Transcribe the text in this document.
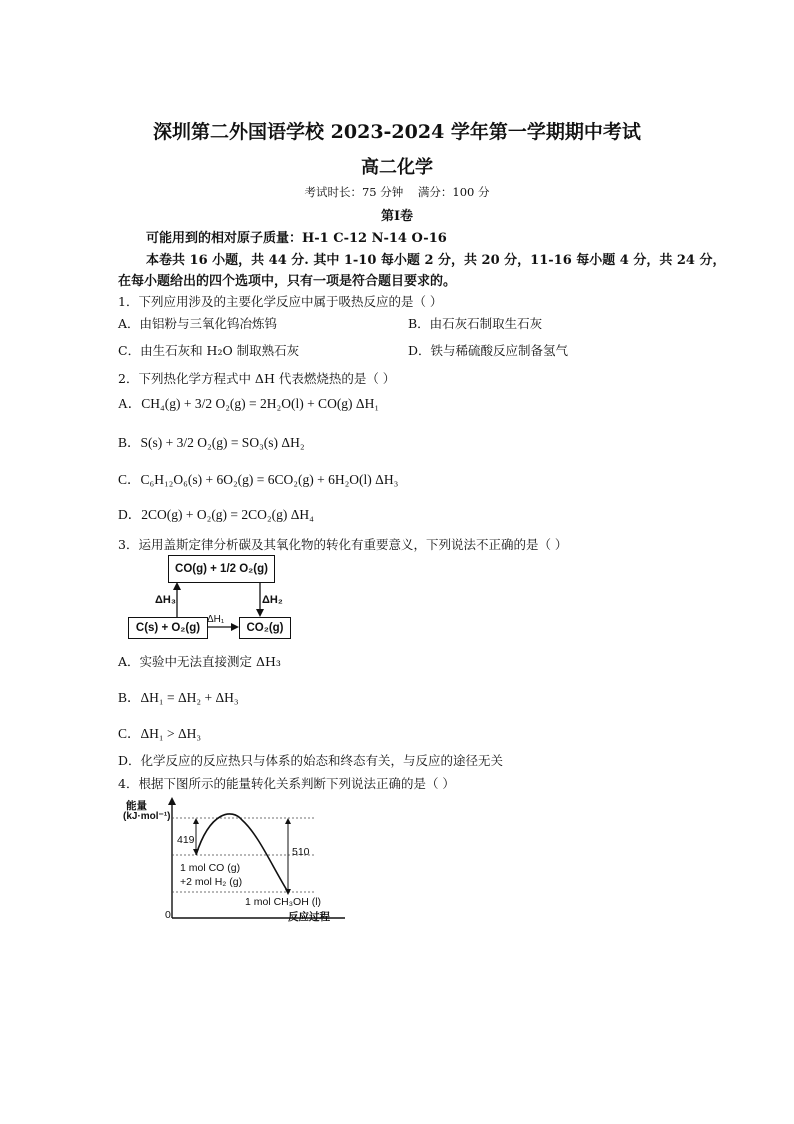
深圳第二外国语学校 2023-2024 学年第一学期期中考试
高二化学
考试时长：75 分钟    满分：100 分
第Ⅰ卷
可能用到的相对原子质量：H-1 C-12 N-14 O-16
本卷共 16 小题，共 44 分. 其中 1-10 每小题 2 分，共 20 分，11-16 每小题 4 分，共 24 分，
在每小题给出的四个选项中，只有一项是符合题目要求的。
1．下列应用涉及的主要化学反应中属于吸热反应的是（ ）
A．由铝粉与三氧化钨冶炼钨	B．由石灰石制取生石灰
C．由生石灰和 H₂O 制取熟石灰	D．铁与稀硫酸反应制备氢气
2．下列热化学方程式中 ΔH 代表燃烧热的是（ ）
A．CH₄(g) + 3/2 O₂(g) = 2H₂O(l) + CO(g) ΔH₁
B．S(s) + 3/2 O₂(g) = SO₃(s) ΔH₂
C．C₆H₁₂O₆(s) + 6O₂(g) = 6CO₂(g) + 6H₂O(l) ΔH₃
D．2CO(g) + O₂(g) = 2CO₂(g) ΔH₄
3．运用盖斯定律分析碳及其氧化物的转化有重要意义，下列说法不正确的是（ ）
CO(g) + 1/2 O₂(g)
C(s) + O₂(g)	CO₂(g)
ΔH₃	ΔH₂
ΔH₁
A．实验中无法直接测定 ΔH₃
B．ΔH₁ = ΔH₂ + ΔH₃
C．ΔH₁ > ΔH₃
D．化学反应的反应热只与体系的始态和终态有关，与反应的途径无关
4．根据下图所示的能量转化关系判断下列说法正确的是（ ）
能量
(kJ·mol⁻¹)
419
510
1 mol CO (g)
+2 mol H₂ (g)
1 mol CH₃OH (l)
0	反应过程
